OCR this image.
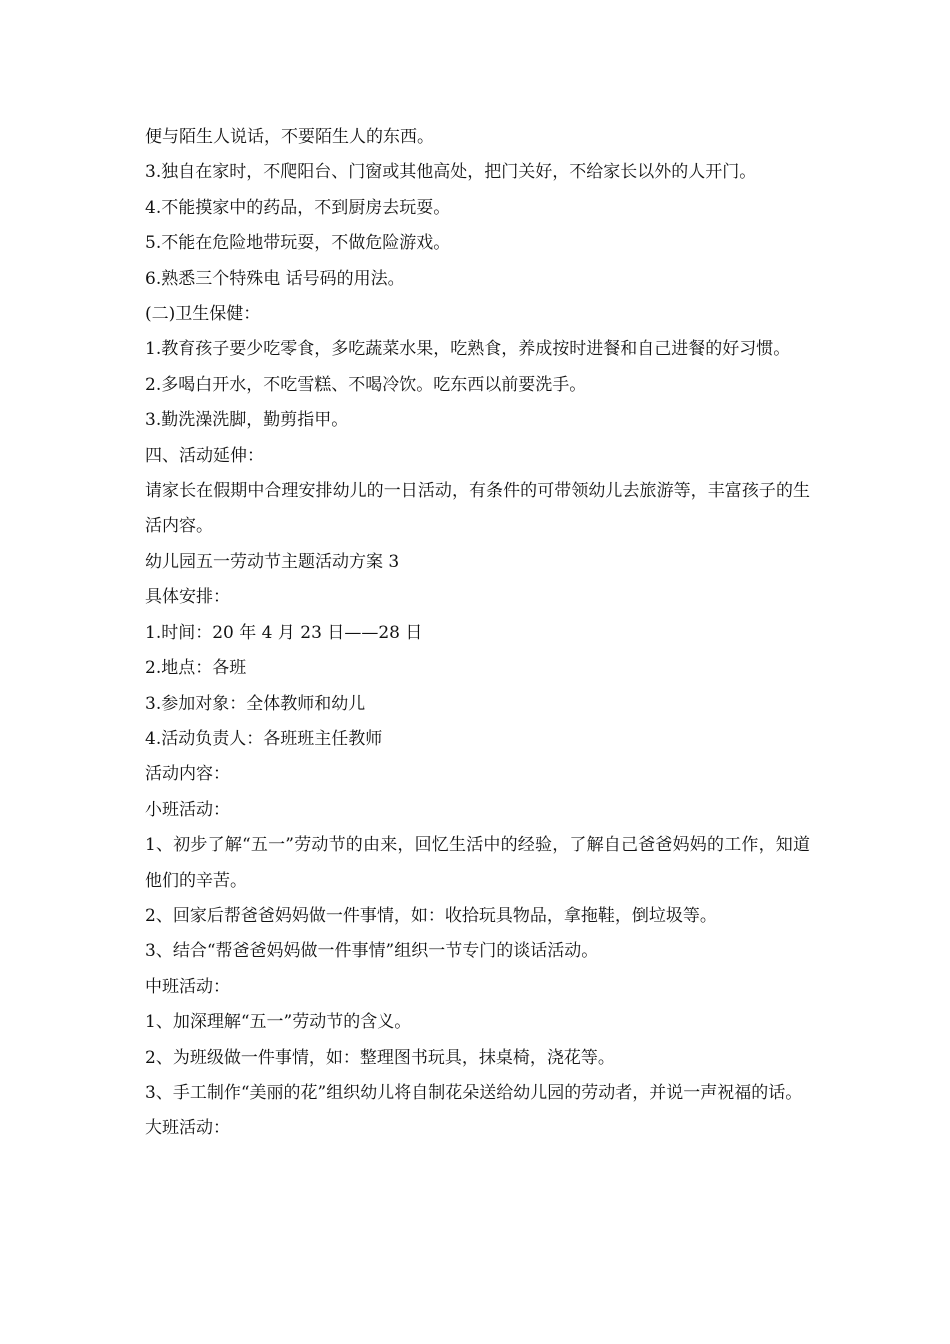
便与陌生人说话，不要陌生人的东西。

3.独自在家时，不爬阳台、门窗或其他高处，把门关好，不给家长以外的人开门。

4.不能摸家中的药品，不到厨房去玩耍。

5.不能在危险地带玩耍，不做危险游戏。

6.熟悉三个特殊电 话号码的用法。

(二)卫生保健：

1.教育孩子要少吃零食，多吃蔬菜水果，吃熟食，养成按时进餐和自己进餐的好习惯。

2.多喝白开水，不吃雪糕、不喝冷饮。吃东西以前要洗手。

3.勤洗澡洗脚，勤剪指甲。

四、活动延伸：

请家长在假期中合理安排幼儿的一日活动，有条件的可带领幼儿去旅游等，丰富孩子的生活内容。

幼儿园五一劳动节主题活动方案 3

具体安排：

1.时间：20 年 4 月 23 日——28 日

2.地点：各班

3.参加对象：全体教师和幼儿

4.活动负责人：各班班主任教师

活动内容：

小班活动：

1、初步了解“五一”劳动节的由来，回忆生活中的经验，了解自己爸爸妈妈的工作，知道他们的辛苦。

2、回家后帮爸爸妈妈做一件事情，如：收拾玩具物品，拿拖鞋，倒垃圾等。

3、结合“帮爸爸妈妈做一件事情”组织一节专门的谈话活动。

中班活动：

1、加深理解“五一”劳动节的含义。

2、为班级做一件事情，如：整理图书玩具，抹桌椅，浇花等。

3、手工制作“美丽的花”组织幼儿将自制花朵送给幼儿园的劳动者，并说一声祝福的话。

大班活动：
